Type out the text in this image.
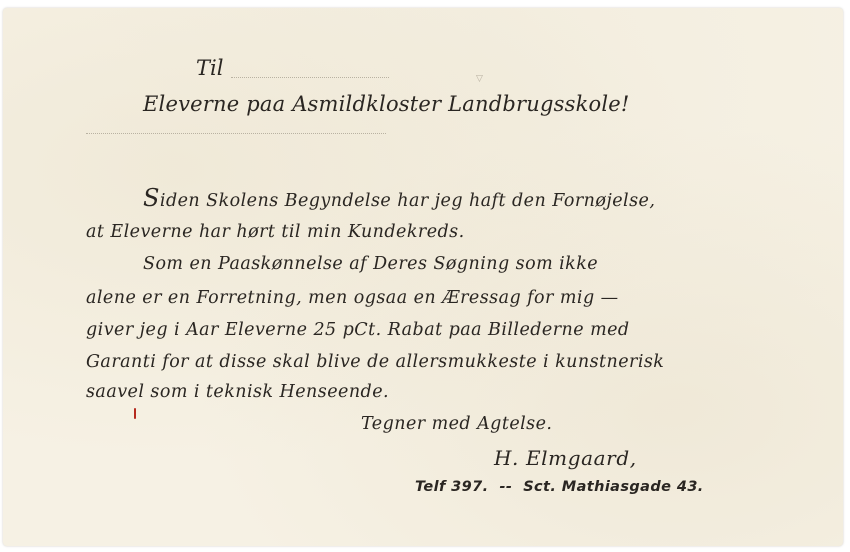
Til	▽

Eleverne paa Asmildkloster Landbrugsskole!

Siden Skolens Begyndelse har jeg haft den Fornøjelse,

at Eleverne har hørt til min Kundekreds.

Som en Paaskønnelse af Deres Søgning som ikke

alene er en Forretning, men ogsaa en Æressag for mig —

giver jeg i Aar Eleverne 25 pCt. Rabat paa Billederne med

Garanti for at disse skal blive de allersmukkeste i kunstnerisk

saavel som i teknisk Henseende.

Tegner med Agtelse.

H. Elmgaard,

Telf 397. -- Sct. Mathiasgade 43.
